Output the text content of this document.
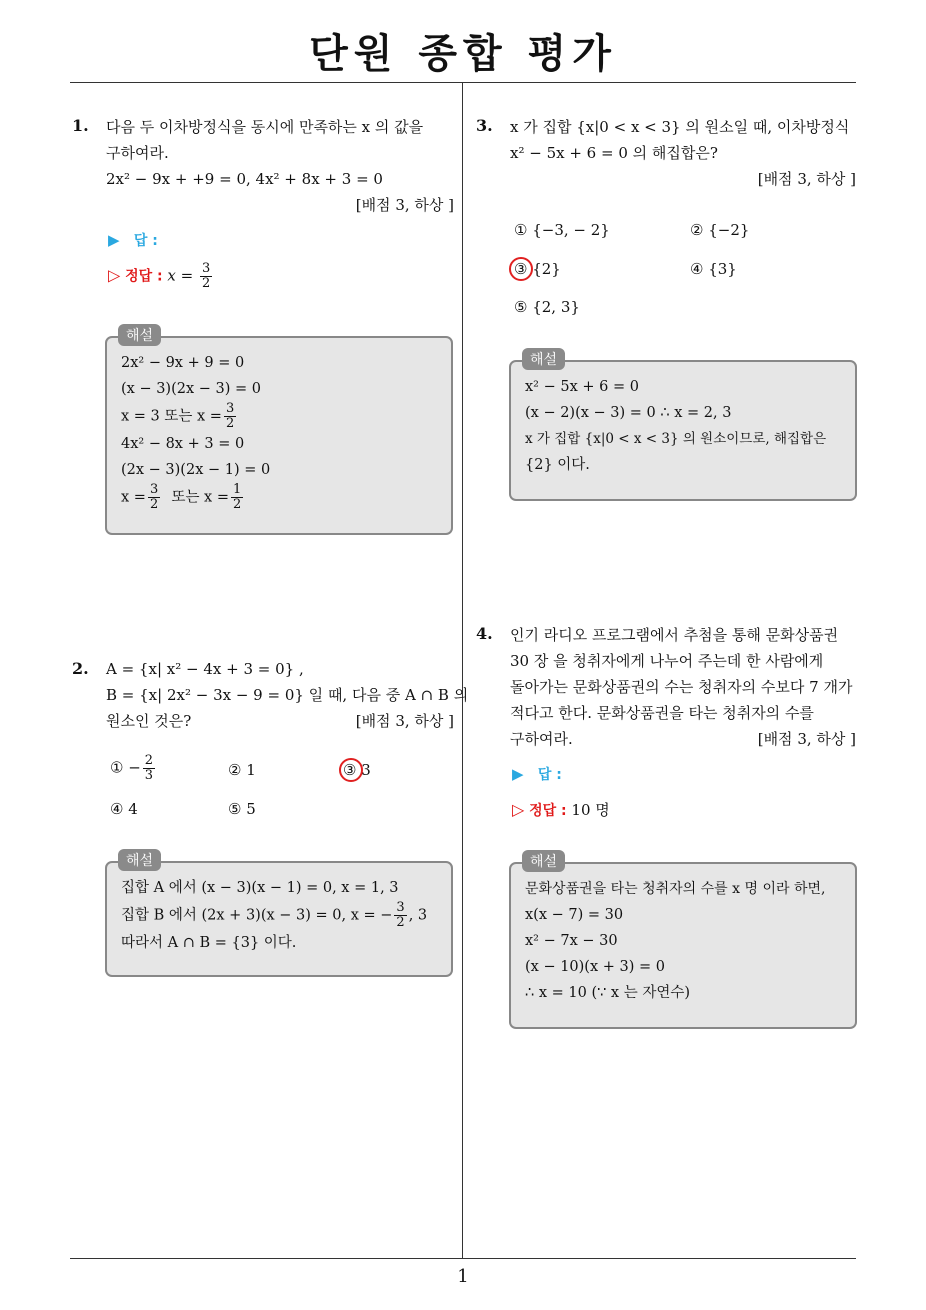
단원 종합 평가
1
1. 다음 두 이차방정식을 동시에 만족하는 x 의 값을
구하여라.
2x² − 9x + +9 = 0, 4x² + 8x + 3 = 0
[배점 3, 하상 ]
▶ 답 :
▷ 정답 : $x = \frac{3}{2}$
2x² − 9x + 9 = 0
(x − 3)(2x − 3) = 0
x = 3 또는 $x = \frac{3}{2}$
4x² − 8x + 3 = 0
(2x − 3)(2x − 1) = 0
$x = \frac{3}{2}$ 또는 $x = \frac{1}{2}$
해설
2. A = {x| x² − 4x + 3 = 0} ,
B = {x| 2x² − 3x − 9 = 0} 일 때, 다음 중 A ∩ B 의
원소인 것은?	[배점 3, 하상 ]
① − $\frac{2}{3}$	② 1	③ 3
④ 4	⑤ 5
집합 A 에서 (x − 3)(x − 1) = 0, x = 1, 3
집합 B 에서 (2x + 3)(x − 3) = 0, x = − $\frac{3}{2}$ , 3
따라서 A ∩ B = {3} 이다.
해설
3. x 가 집합 {x|0 < x < 3} 의 원소일 때, 이차방정식
x² − 5x + 6 = 0 의 해집합은?
[배점 3, 하상 ]
① {−3, − 2}	② {−2}
③ {2}	④ {3}
⑤ {2, 3}
x² − 5x + 6 = 0
(x − 2)(x − 3) = 0 ∴ x = 2, 3
x 가 집합 {x|0 < x < 3} 의 원소이므로, 해집합은
{2} 이다.
해설
4. 인기 라디오 프로그램에서 추첨을 통해 문화상품권
30 장 을 청취자에게 나누어 주는데 한 사람에게
돌아가는 문화상품권의 수는 청취자의 수보다 7 개가
적다고 한다. 문화상품권을 타는 청취자의 수를
구하여라.	[배점 3, 하상 ]
▶ 답 :
▷ 정답 : 10 명
문화상품권을 타는 청취자의 수를 x 명 이라 하면,
x(x − 7) = 30
x² − 7x − 30
(x − 10)(x + 3) = 0
∴ x = 10 (∵ x 는 자연수)
해설
